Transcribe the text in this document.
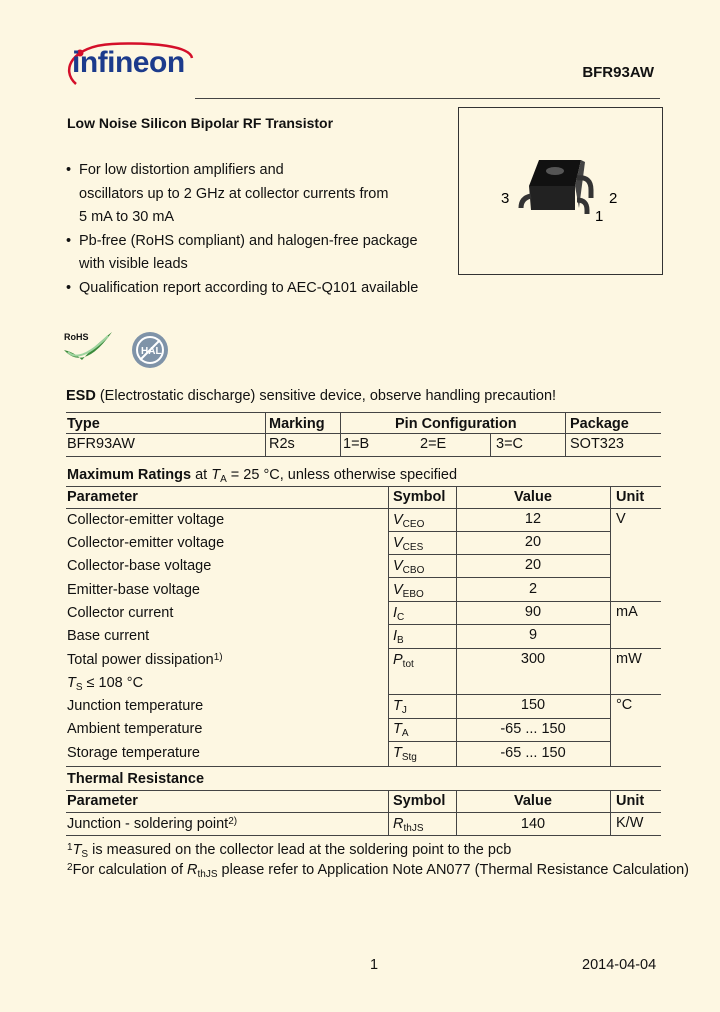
infineon	BFR93AW
Low Noise Silicon Bipolar RF Transistor
• For low distortion amplifiers and
oscillators up to 2 GHz at collector currents from
5 mA to 30 mA
• Pb-free (RoHS compliant) and halogen-free package
with visible leads
• Qualification report according to AEC-Q101 available
3	2
1
RoHS
HAL
ESD (Electrostatic discharge) sensitive device, observe handling precaution!
Type	Marking	Pin Configuration	Package
BFR93AW	R2s	1=B	2=E	3=C	SOT323
Maximum Ratings at $T_A = 25$ °C, unless otherwise specified
Parameter	Symbol	Value	Unit
Collector-emitter voltage	$V_{CEO}$	12	V
Collector-emitter voltage	$V_{CES}$	20
Collector-base voltage	$V_{CBO}$	20
Emitter-base voltage	$V_{EBO}$	2
Collector current	$I_C$	90	mA
Base current	$I_B$	9
Total power dissipation$^{1)}$
$T_S \le 108$ °C
$P_{tot}$	300	mW
Junction temperature	$T_J$	150	°C
Ambient temperature	$T_A$	-65 ... 150
Storage temperature	$T_{Stg}$	-65 ... 150
Thermal Resistance
Parameter	Symbol	Value	Unit
Junction - soldering point$^{2)}$	$R_{thJS}$	140	K/W
$^1T_S$ is measured on the collector lead at the soldering point to the pcb
$^2$For calculation of $R_{thJS}$ please refer to Application Note AN077 (Thermal Resistance Calculation)
1	2014-04-04
